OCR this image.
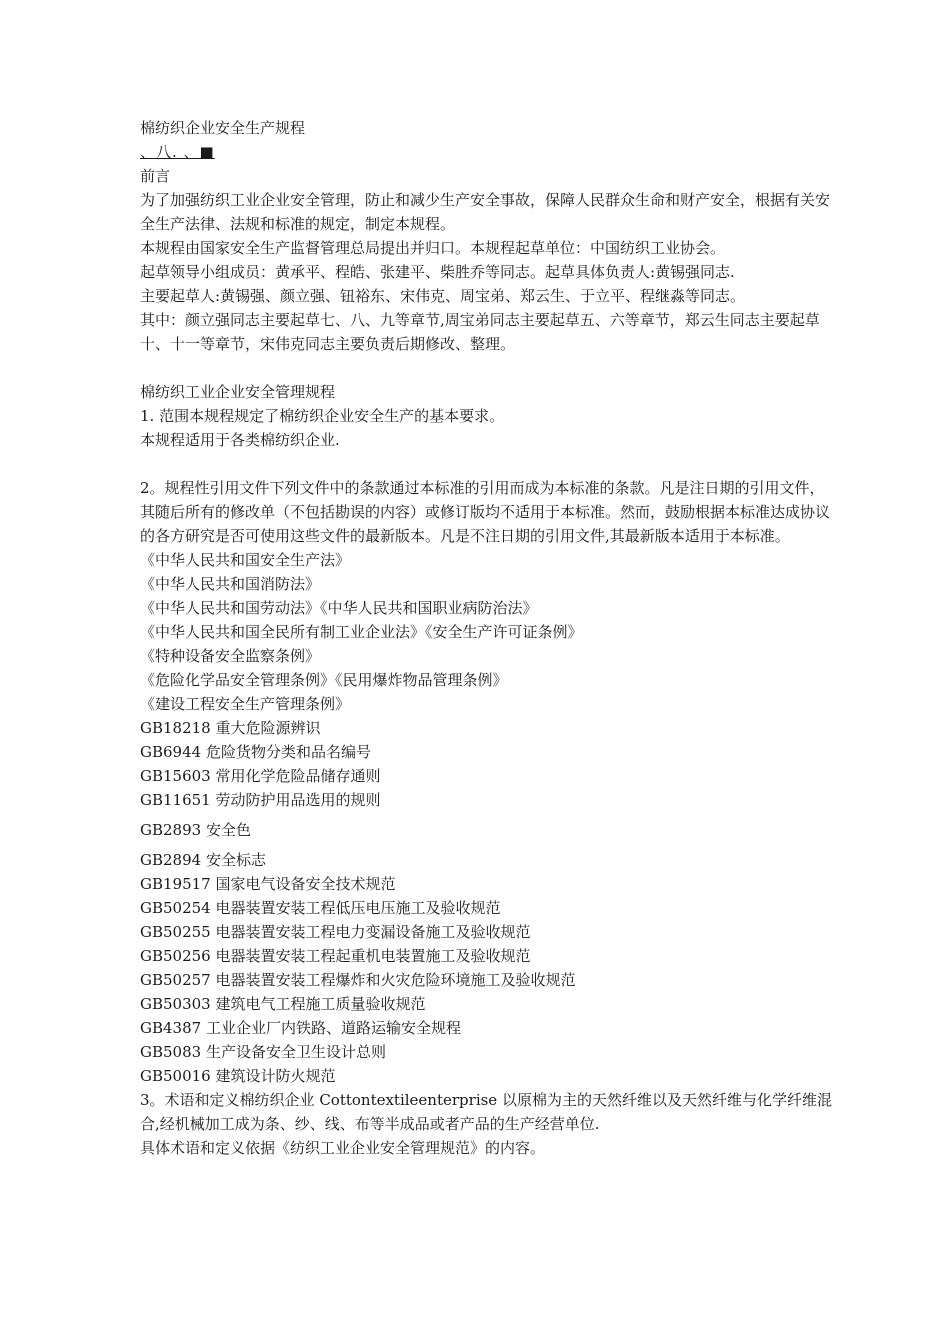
棉纺织企业安全生产规程
、八. 、■
前言
为了加强纺织工业企业安全管理，防止和减少生产安全事故，保障人民群众生命和财产安全，根据有关安全生产法律、法规和标准的规定，制定本规程。
本规程由国家安全生产监督管理总局提出并归口。本规程起草单位：中国纺织工业协会。
起草领导小组成员：黄承平、程皓、张建平、柴胜乔等同志。起草具体负责人:黄锡强同志.
主要起草人:黄锡强、颜立强、钮裕东、宋伟克、周宝弟、郑云生、于立平、程继淼等同志。
其中：颜立强同志主要起草七、八、九等章节,周宝弟同志主要起草五、六等章节，郑云生同志主要起草十、十一等章节，宋伟克同志主要负责后期修改、整理。
棉纺织工业企业安全管理规程
1. 范围本规程规定了棉纺织企业安全生产的基本要求。
本规程适用于各类棉纺织企业.
2。规程性引用文件下列文件中的条款通过本标准的引用而成为本标准的条款。凡是注日期的引用文件，其随后所有的修改单（不包括勘误的内容）或修订版均不适用于本标准。然而，鼓励根据本标准达成协议的各方研究是否可使用这些文件的最新版本。凡是不注日期的引用文件,其最新版本适用于本标准。
《中华人民共和国安全生产法》
《中华人民共和国消防法》
《中华人民共和国劳动法》《中华人民共和国职业病防治法》
《中华人民共和国全民所有制工业企业法》《安全生产许可证条例》
《特种设备安全监察条例》
《危险化学品安全管理条例》《民用爆炸物品管理条例》
《建设工程安全生产管理条例》
GB18218 重大危险源辨识
GB6944 危险货物分类和品名编号
GB15603 常用化学危险品储存通则
GB11651 劳动防护用品选用的规则
GB2893 安全色
GB2894 安全标志
GB19517 国家电气设备安全技术规范
GB50254 电器装置安装工程低压电压施工及验收规范
GB50255 电器装置安装工程电力变漏设备施工及验收规范
GB50256 电器装置安装工程起重机电装置施工及验收规范
GB50257 电器装置安装工程爆炸和火灾危险环境施工及验收规范
GB50303 建筑电气工程施工质量验收规范
GB4387 工业企业厂内铁路、道路运输安全规程
GB5083 生产设备安全卫生设计总则
GB50016 建筑设计防火规范
3。术语和定义棉纺织企业 Cottontextileenterprise 以原棉为主的天然纤维以及天然纤维与化学纤维混合,经机械加工成为条、纱、线、布等半成品或者产品的生产经营单位.
具体术语和定义依据《纺织工业企业安全管理规范》的内容。
